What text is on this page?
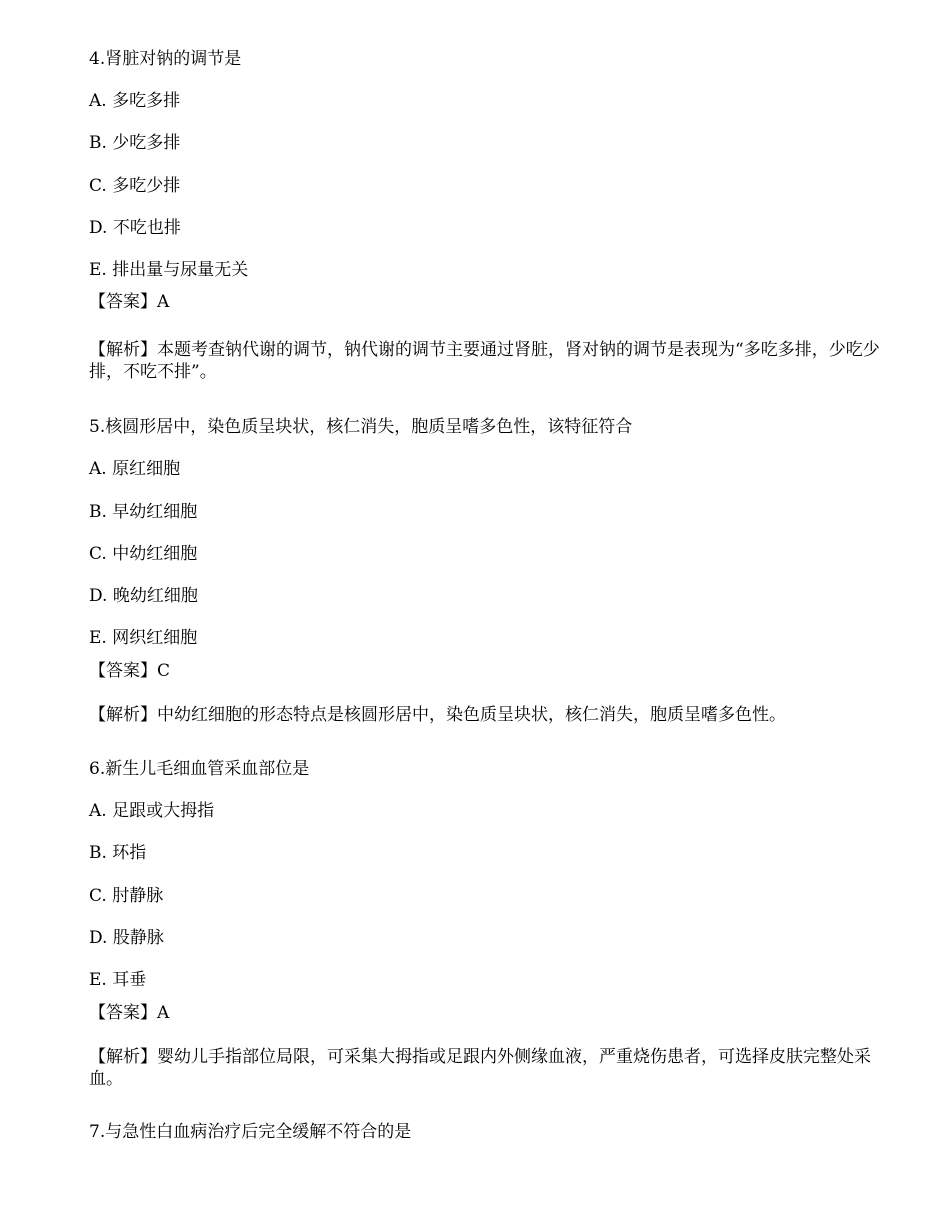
4.肾脏对钠的调节是
A. 多吃多排
B. 少吃多排
C. 多吃少排
D. 不吃也排
E. 排出量与尿量无关
【答案】A
【解析】本题考查钠代谢的调节，钠代谢的调节主要通过肾脏，肾对钠的调节是表现为“多吃多排，少吃少排，不吃不排”。
5.核圆形居中，染色质呈块状，核仁消失，胞质呈嗜多色性，该特征符合
A. 原红细胞
B. 早幼红细胞
C. 中幼红细胞
D. 晚幼红细胞
E. 网织红细胞
【答案】C
【解析】中幼红细胞的形态特点是核圆形居中，染色质呈块状，核仁消失，胞质呈嗜多色性。
6.新生儿毛细血管采血部位是
A. 足跟或大拇指
B. 环指
C. 肘静脉
D. 股静脉
E. 耳垂
【答案】A
【解析】婴幼儿手指部位局限，可采集大拇指或足跟内外侧缘血液，严重烧伤患者，可选择皮肤完整处采血。
7.与急性白血病治疗后完全缓解不符合的是
